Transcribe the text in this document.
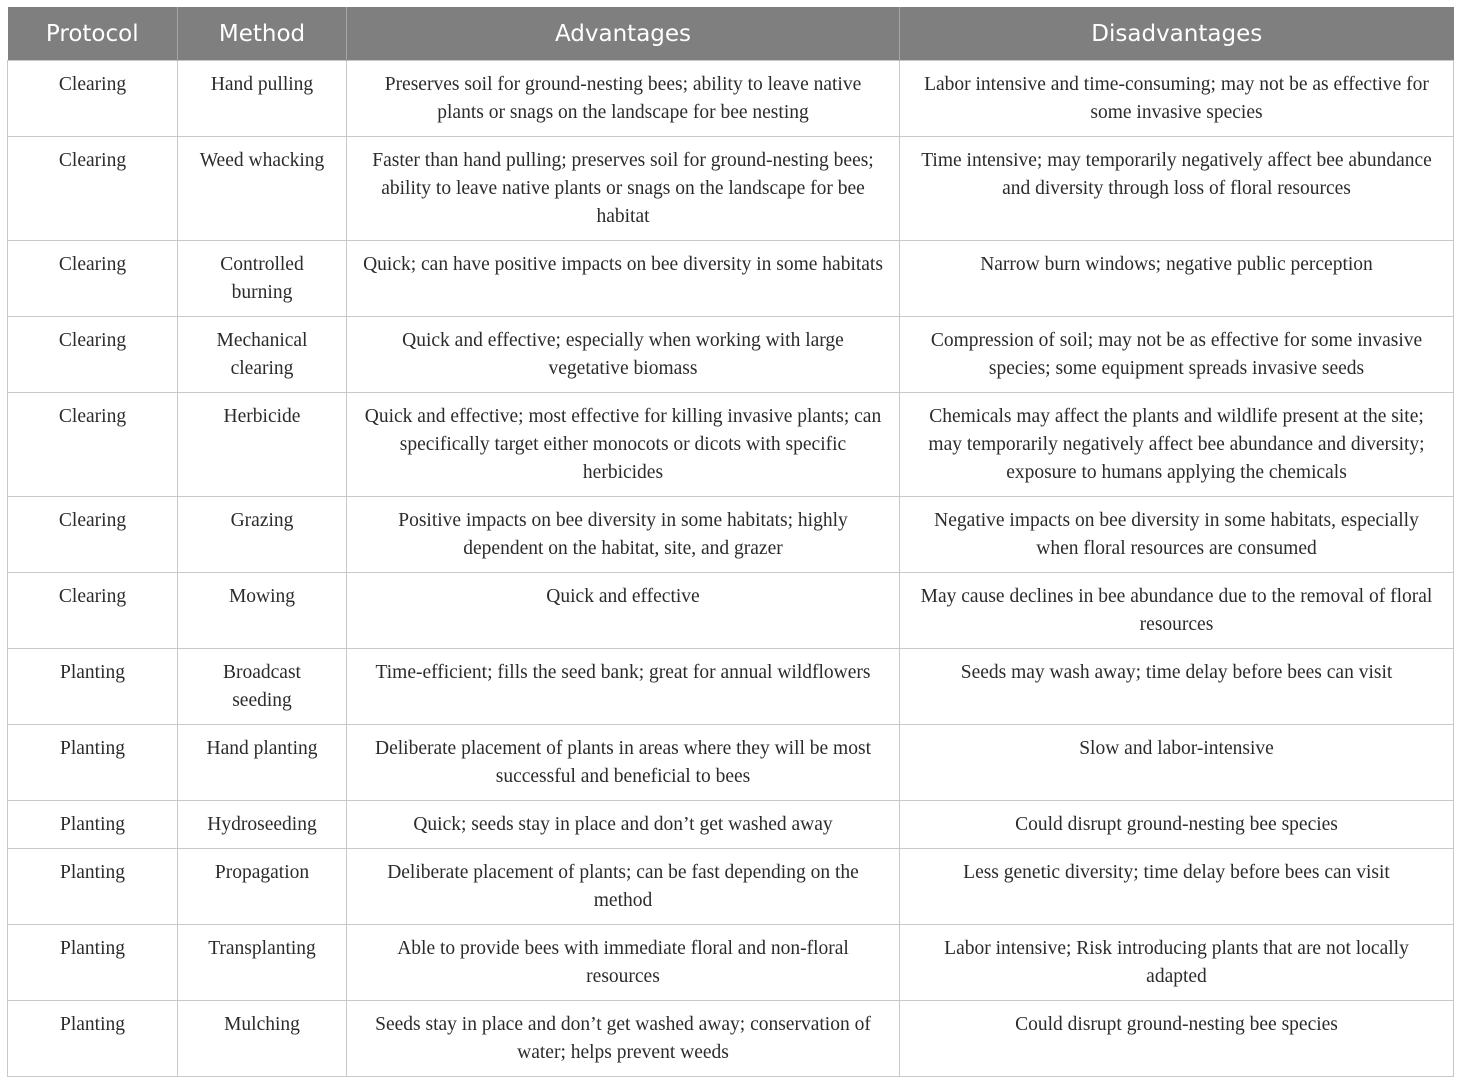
Protocol	Method	Advantages	Disadvantages
Clearing	Hand pulling	Preserves soil for ground-nesting bees; ability to leave native plants or snags on the landscape for bee nesting	Labor intensive and time-consuming; may not be as effective for some invasive species
Clearing	Weed whacking	Faster than hand pulling; preserves soil for ground-nesting bees; ability to leave native plants or snags on the landscape for bee habitat	Time intensive; may temporarily negatively affect bee abundance and diversity through loss of floral resources
Clearing	Controlled burning	Quick; can have positive impacts on bee diversity in some habitats	Narrow burn windows; negative public perception
Clearing	Mechanical clearing	Quick and effective; especially when working with large vegetative biomass	Compression of soil; may not be as effective for some invasive species; some equipment spreads invasive seeds
Clearing	Herbicide	Quick and effective; most effective for killing invasive plants; can specifically target either monocots or dicots with specific herbicides	Chemicals may affect the plants and wildlife present at the site; may temporarily negatively affect bee abundance and diversity; exposure to humans applying the chemicals
Clearing	Grazing	Positive impacts on bee diversity in some habitats; highly dependent on the habitat, site, and grazer	Negative impacts on bee diversity in some habitats, especially when floral resources are consumed
Clearing	Mowing	Quick and effective	May cause declines in bee abundance due to the removal of floral resources
Planting	Broadcast seeding	Time-efficient; fills the seed bank; great for annual wildflowers	Seeds may wash away; time delay before bees can visit
Planting	Hand planting	Deliberate placement of plants in areas where they will be most successful and beneficial to bees	Slow and labor-intensive
Planting	Hydroseeding	Quick; seeds stay in place and don’t get washed away	Could disrupt ground-nesting bee species
Planting	Propagation	Deliberate placement of plants; can be fast depending on the method	Less genetic diversity; time delay before bees can visit
Planting	Transplanting	Able to provide bees with immediate floral and non-floral resources	Labor intensive; Risk introducing plants that are not locally adapted
Planting	Mulching	Seeds stay in place and don’t get washed away; conservation of water; helps prevent weeds	Could disrupt ground-nesting bee species
